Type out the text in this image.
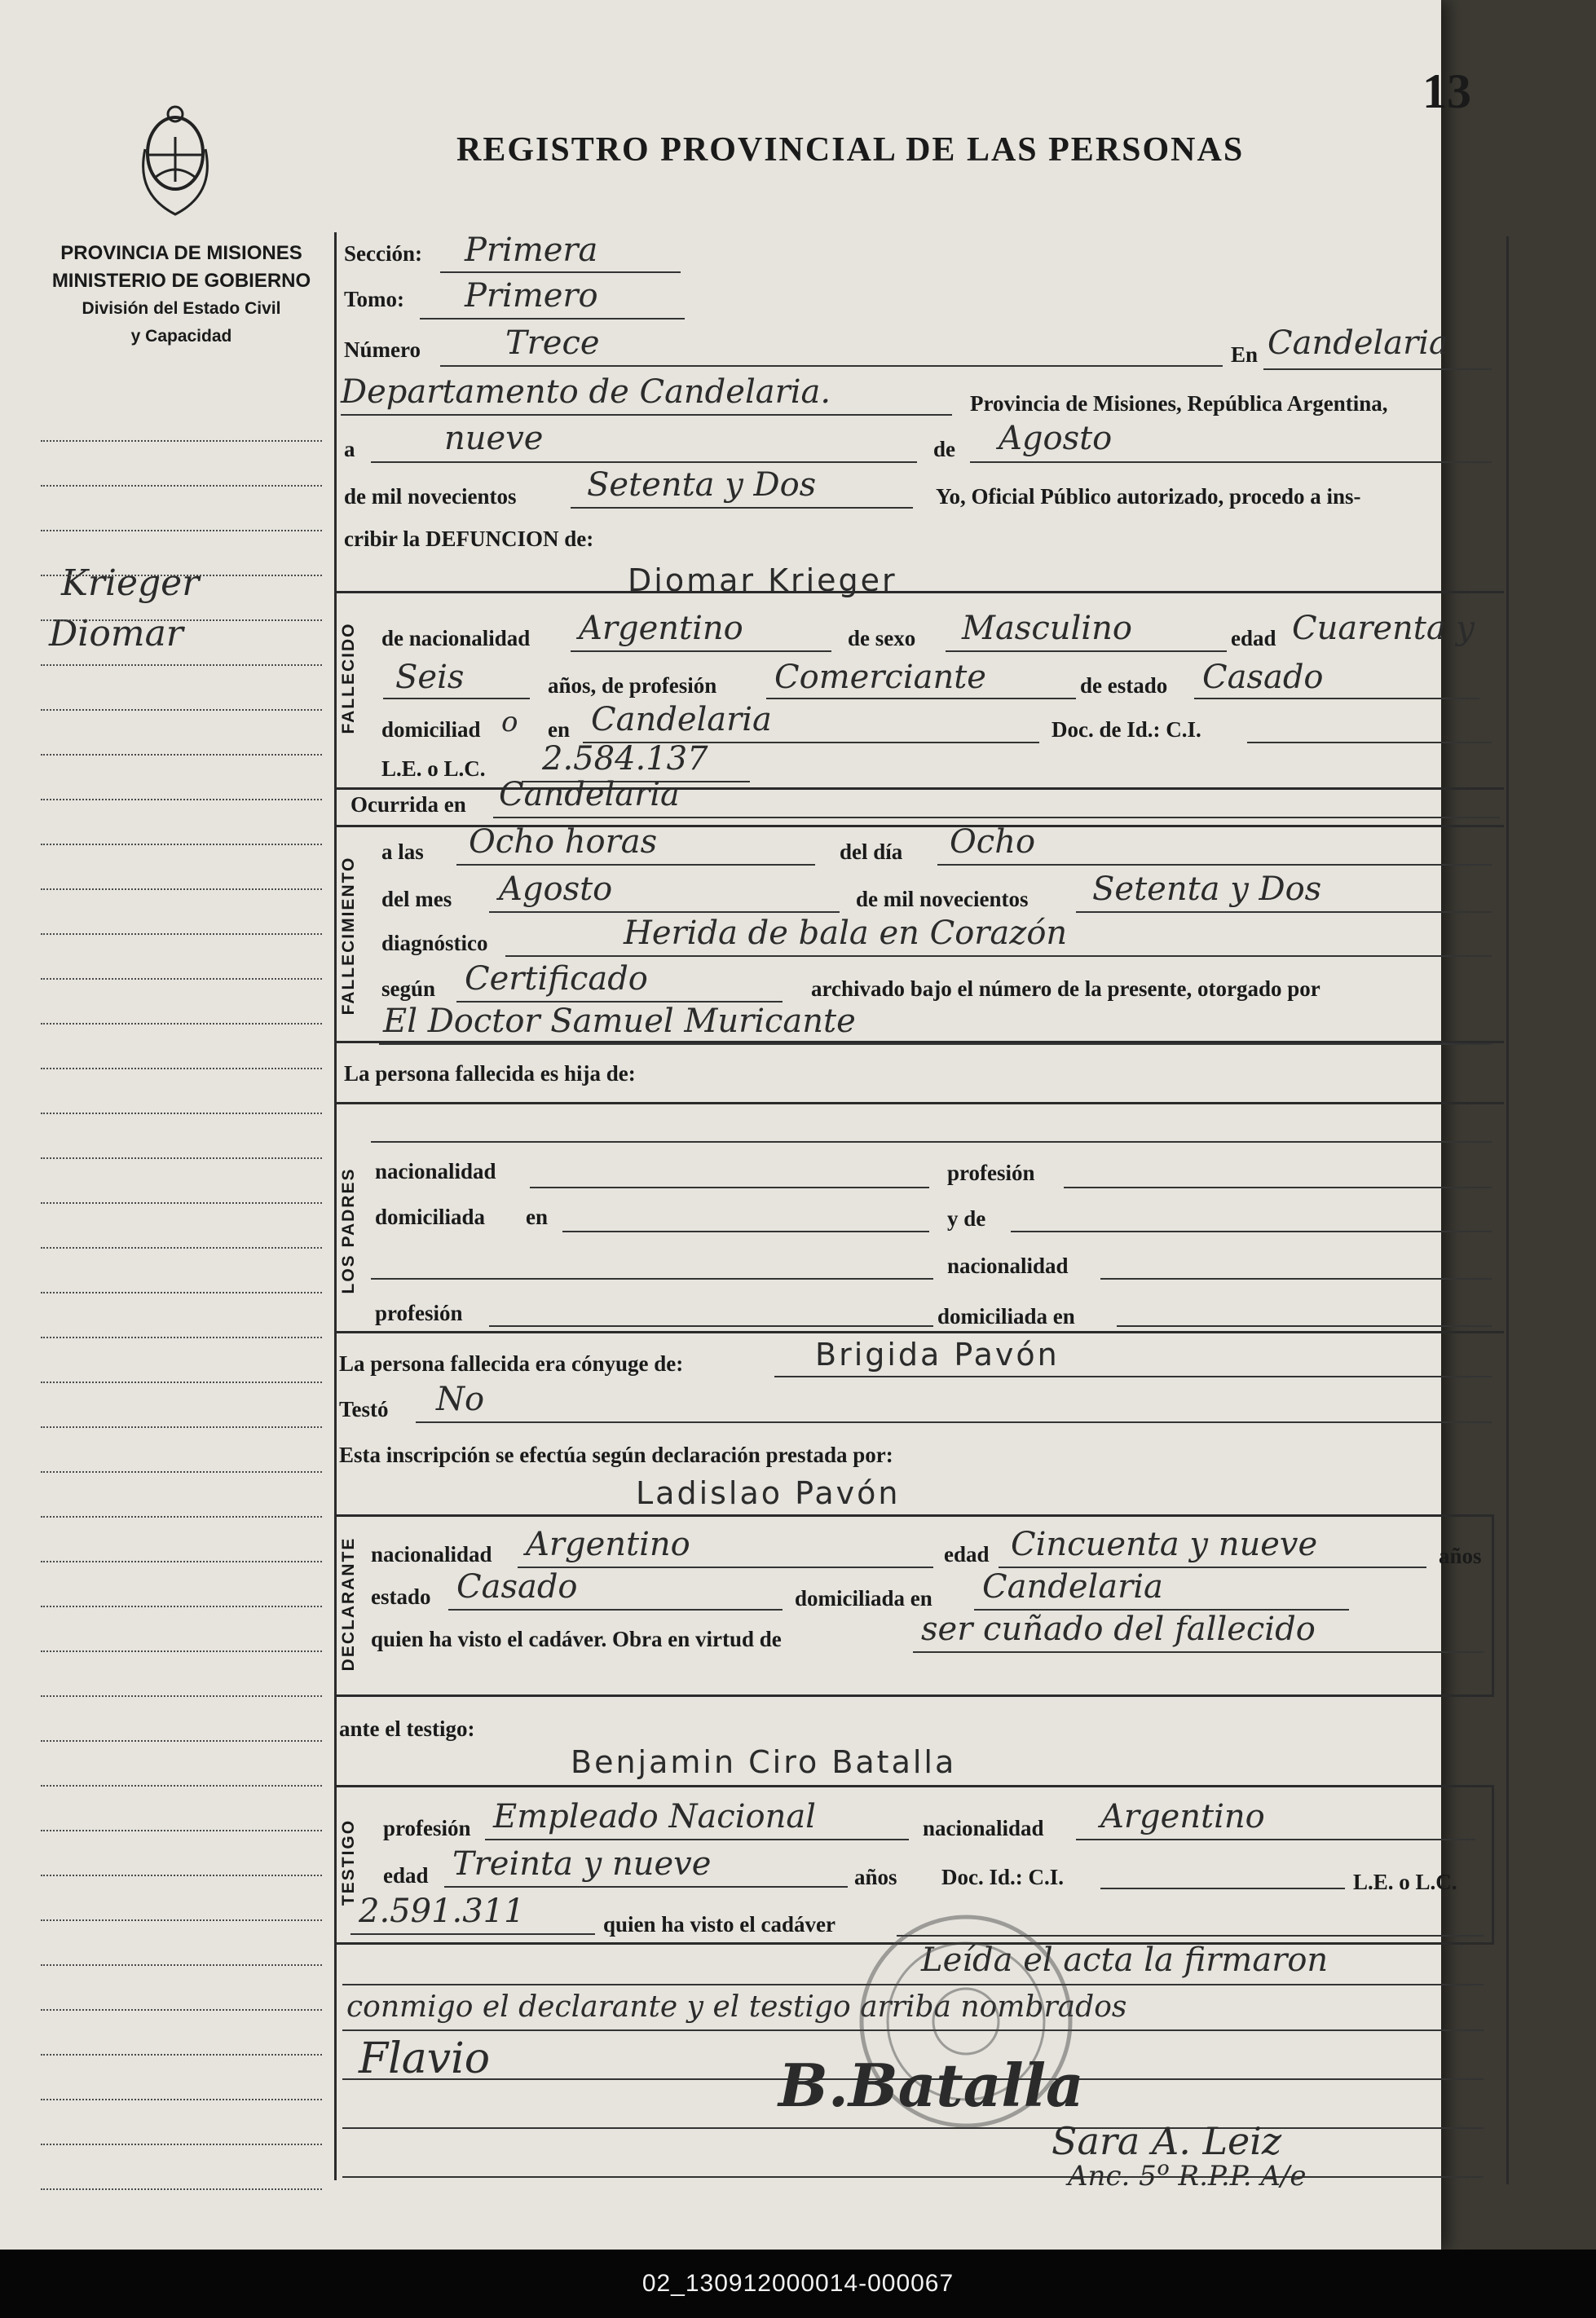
13
REGISTRO PROVINCIAL DE LAS PERSONAS
PROVINCIA DE MISIONES
MINISTERIO DE GOBIERNO
División del Estado Civil
y Capacidad
Krieger
Diomar
Sección: Primera
Tomo: Primero
Número	Trece	En Candelaria
Departamento de Candelaria.	Provincia de Misiones, República Argentina,
a	nueve	de Agosto
de mil novecientos Setenta y Dos	Yo, Oficial Público autorizado, procedo a ins-
cribir la DEFUNCION de:
FALLECIDO
Diomar Krieger
de nacionalidad Argentino	de sexo Masculino	edad Cuarenta y
Seis	años, de profesión Comerciante	de estado Casado
domiciliad o en Candelaria	Doc. de Id.: C.I.
L.E. o L.C. 2.584.137
Ocurrida en Candelaria
FALLECIMIENTO
a las Ocho horas	del día Ocho
del mes Agosto	de mil novecientos Setenta y Dos
diagnóstico	Herida de bala en Corazón
según Certificado	archivado bajo el número de la presente, otorgado por
El Doctor Samuel Muricante
La persona fallecida es hija de:
LOS PADRES nacionalidad	profesión
domiciliada en	y de
nacionalidad
profesión	domiciliada en
La persona fallecida era cónyuge de:	Brigida Pavón
Testó No
Esta inscripción se efectúa según declaración prestada por:
Ladislao Pavón
DECLARANTE nacionalidad Argentino	edad Cincuenta y nueve	años
estado Casado	domiciliada en Candelaria
quien ha visto el cadáver. Obra en virtud de	ser cuñado del fallecido
ante el testigo:
Benjamin Ciro Batalla
TESTIGO profesión Empleado Nacional	nacionalidad Argentino
edad Treinta y nueve	años Doc. Id.: C.I.	L.E. o L.C.
2.591.311	quien ha visto el cadáver
Leída el acta la firmaron
conmigo el declarante y el testigo arriba nombrados
Flavio	B.Batalla
Sara A. Leiz
Anc. 5º R.P.P. A/e
02_130912000014-000067
